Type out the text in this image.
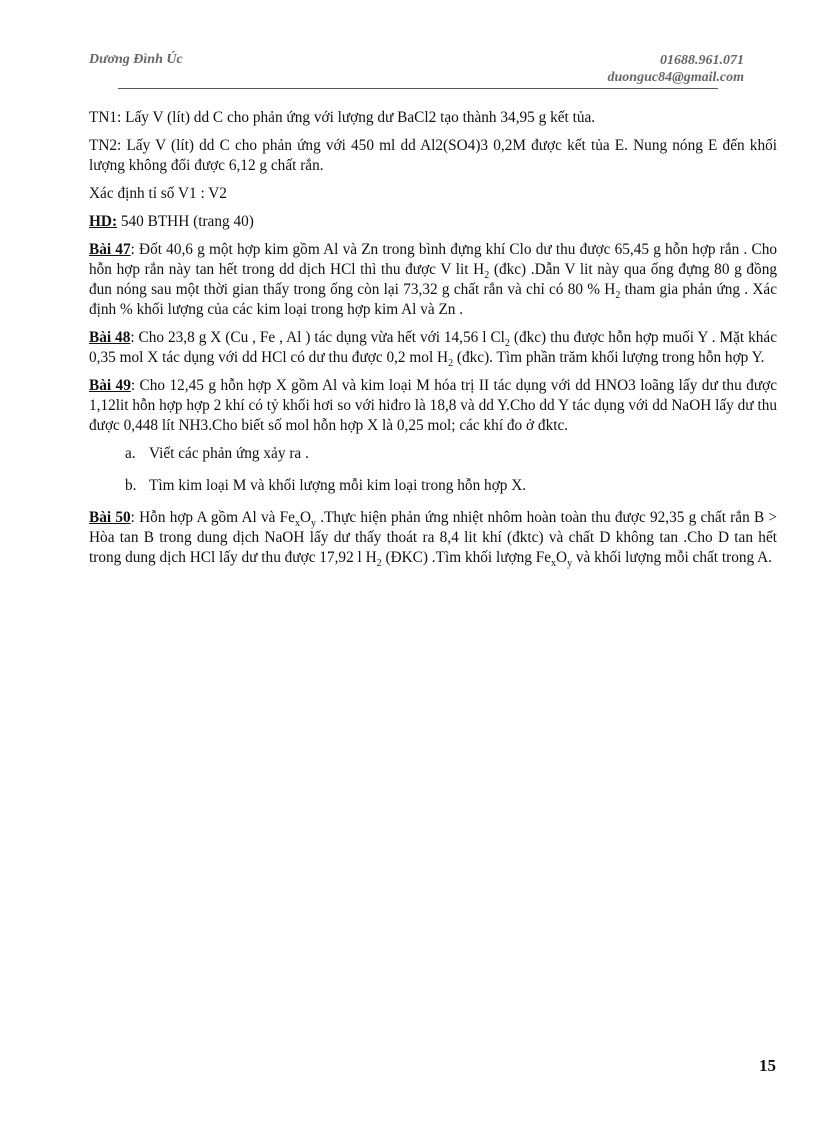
Dương Đình Úc	01688.961.071
duonguc84@gmail.com

TN1: Lấy V (lít) dd C cho phản ứng với lượng dư BaCl2 tạo thành 34,95 g kết tủa.

TN2: Lấy V (lít) dd C cho phản ứng với 450 ml dd Al2(SO4)3 0,2M được kết tủa E. Nung nóng E đến khối lượng không đổi được 6,12 g chất rắn.

Xác định tỉ số V1 : V2

HD: 540 BTHH (trang 40)

Bài 47: Đốt 40,6 g một hợp kim gồm Al và Zn trong bình đựng khí Clo dư thu được 65,45 g hỗn hợp rắn . Cho hỗn hợp rắn này tan hết trong dd dịch HCl thì thu được V lit $H_2$ (đkc) .Dẫn V lit này qua ống đựng 80 g đồng đun nóng sau một thời gian thấy trong ống còn lại 73,32 g chất rắn và chỉ có 80 % $H_2$ tham gia phản ứng . Xác định % khối lượng của các kim loại trong hợp kim Al và Zn .

Bài 48: Cho 23,8 g X (Cu , Fe , Al ) tác dụng vừa hết với 14,56 l $Cl_2$ (đkc) thu được hỗn hợp muối Y . Mặt khác 0,35 mol X tác dụng với dd HCl có dư thu được 0,2 mol $H_2$ (đkc). Tìm phần trăm khối lượng trong hỗn hợp Y.

Bài 49: Cho 12,45 g hỗn hợp X gồm Al và kim loại M hóa trị II tác dụng với dd HNO3 loãng lấy dư thu được 1,12lit hỗn hợp hợp 2 khí có tỷ khối hơi so với hiđro là 18,8 và dd Y.Cho dd Y tác dụng với dd NaOH lấy dư thu được 0,448 lít NH3.Cho biết số mol hỗn hợp X là 0,25 mol; các khí đo ở đktc.

a. Viết các phản ứng xảy ra .
b. Tìm kim loại M và khối lượng mỗi kim loại trong hỗn hợp X.

Bài 50: Hỗn hợp A gồm Al và $Fe_xO_y$ .Thực hiện phản ứng nhiệt nhôm hoàn toàn thu được 92,35 g chất rắn B > Hòa tan B trong dung dịch NaOH lấy dư thấy thoát ra 8,4 lit khí (đktc) và chất D không tan .Cho D tan hết trong dung dịch HCl lấy dư thu được 17,92 l $H_2$ (ĐKC) .Tìm khối lượng $Fe_xO_y$ và khối lượng mỗi chất trong A.

15
